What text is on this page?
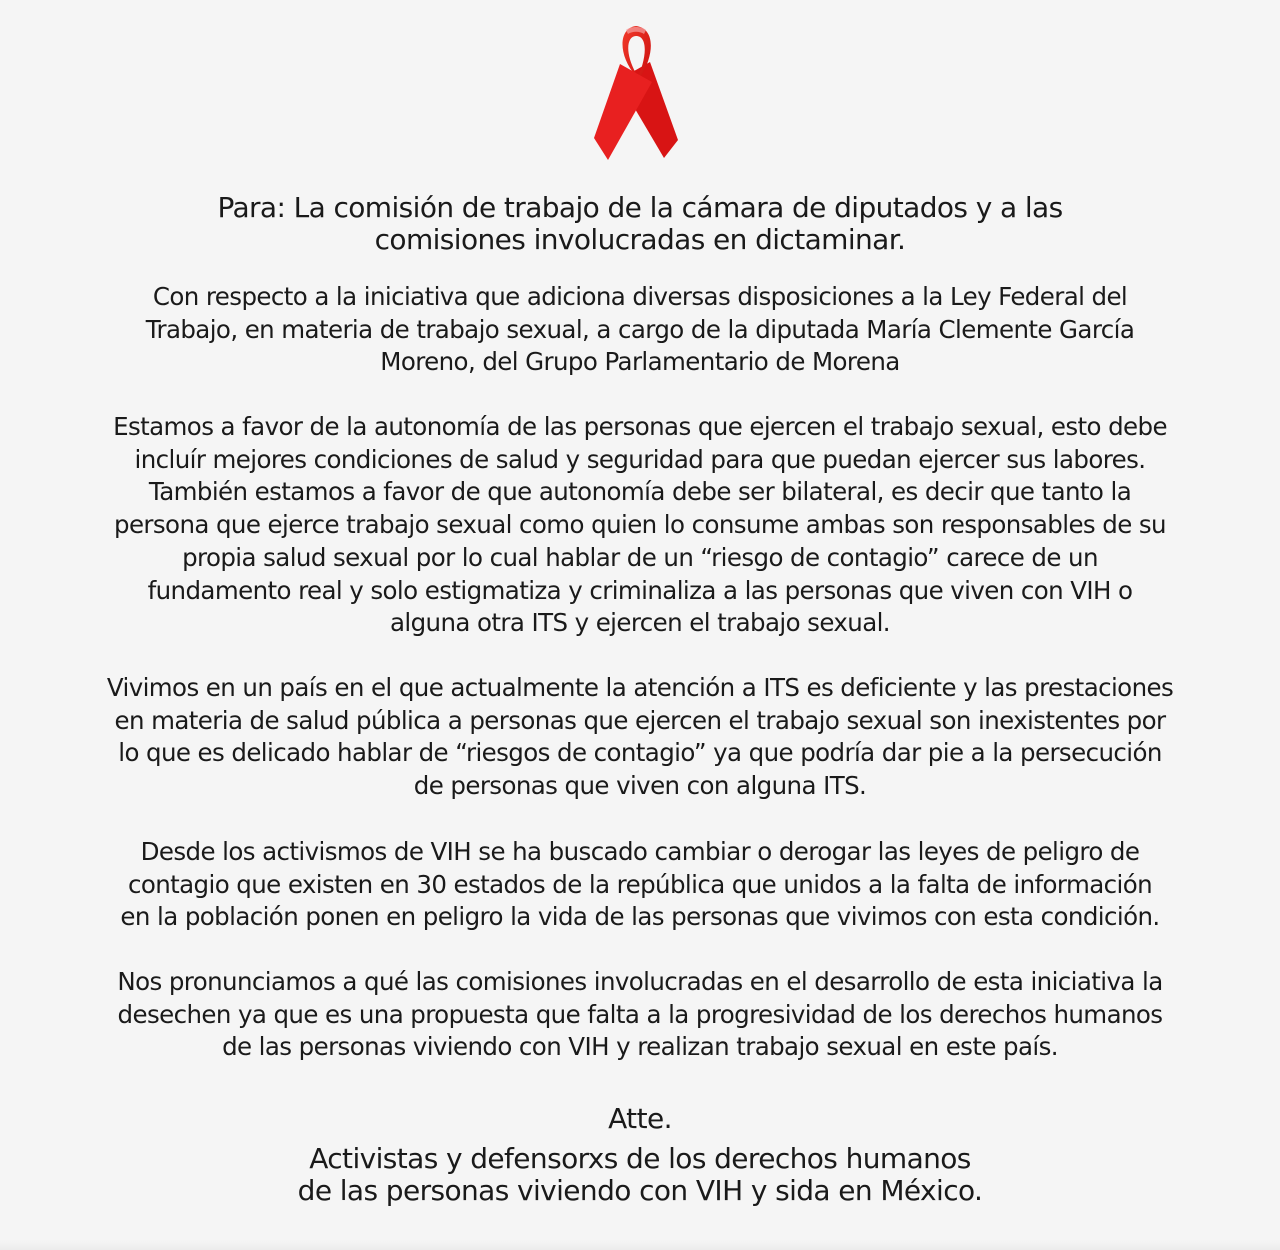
Para: La comisión de trabajo de la cámara de diputados y a las
comisiones involucradas en dictaminar.
Con respecto a la iniciativa que adiciona diversas disposiciones a la Ley Federal del
Trabajo, en materia de trabajo sexual, a cargo de la diputada María Clemente García
Moreno, del Grupo Parlamentario de Morena
Estamos a favor de la autonomía de las personas que ejercen el trabajo sexual, esto debe
incluír mejores condiciones de salud y seguridad para que puedan ejercer sus labores.
También estamos a favor de que autonomía debe ser bilateral, es decir que tanto la
persona que ejerce trabajo sexual como quien lo consume ambas son responsables de su
propia salud sexual por lo cual hablar de un “riesgo de contagio” carece de un
fundamento real y solo estigmatiza y criminaliza a las personas que viven con VIH o
alguna otra ITS y ejercen el trabajo sexual.
Vivimos en un país en el que actualmente la atención a ITS es deficiente y las prestaciones
en materia de salud pública a personas que ejercen el trabajo sexual son inexistentes por
lo que es delicado hablar de “riesgos de contagio” ya que podría dar pie a la persecución
de personas que viven con alguna ITS.
Desde los activismos de VIH se ha buscado cambiar o derogar las leyes de peligro de
contagio que existen en 30 estados de la república que unidos a la falta de información
en la población ponen en peligro la vida de las personas que vivimos con esta condición.
Nos pronunciamos a qué las comisiones involucradas en el desarrollo de esta iniciativa la
desechen ya que es una propuesta que falta a la progresividad de los derechos humanos
de las personas viviendo con VIH y realizan trabajo sexual en este país.
Atte.
Activistas y defensorxs de los derechos humanos
de las personas viviendo con VIH y sida en México.
